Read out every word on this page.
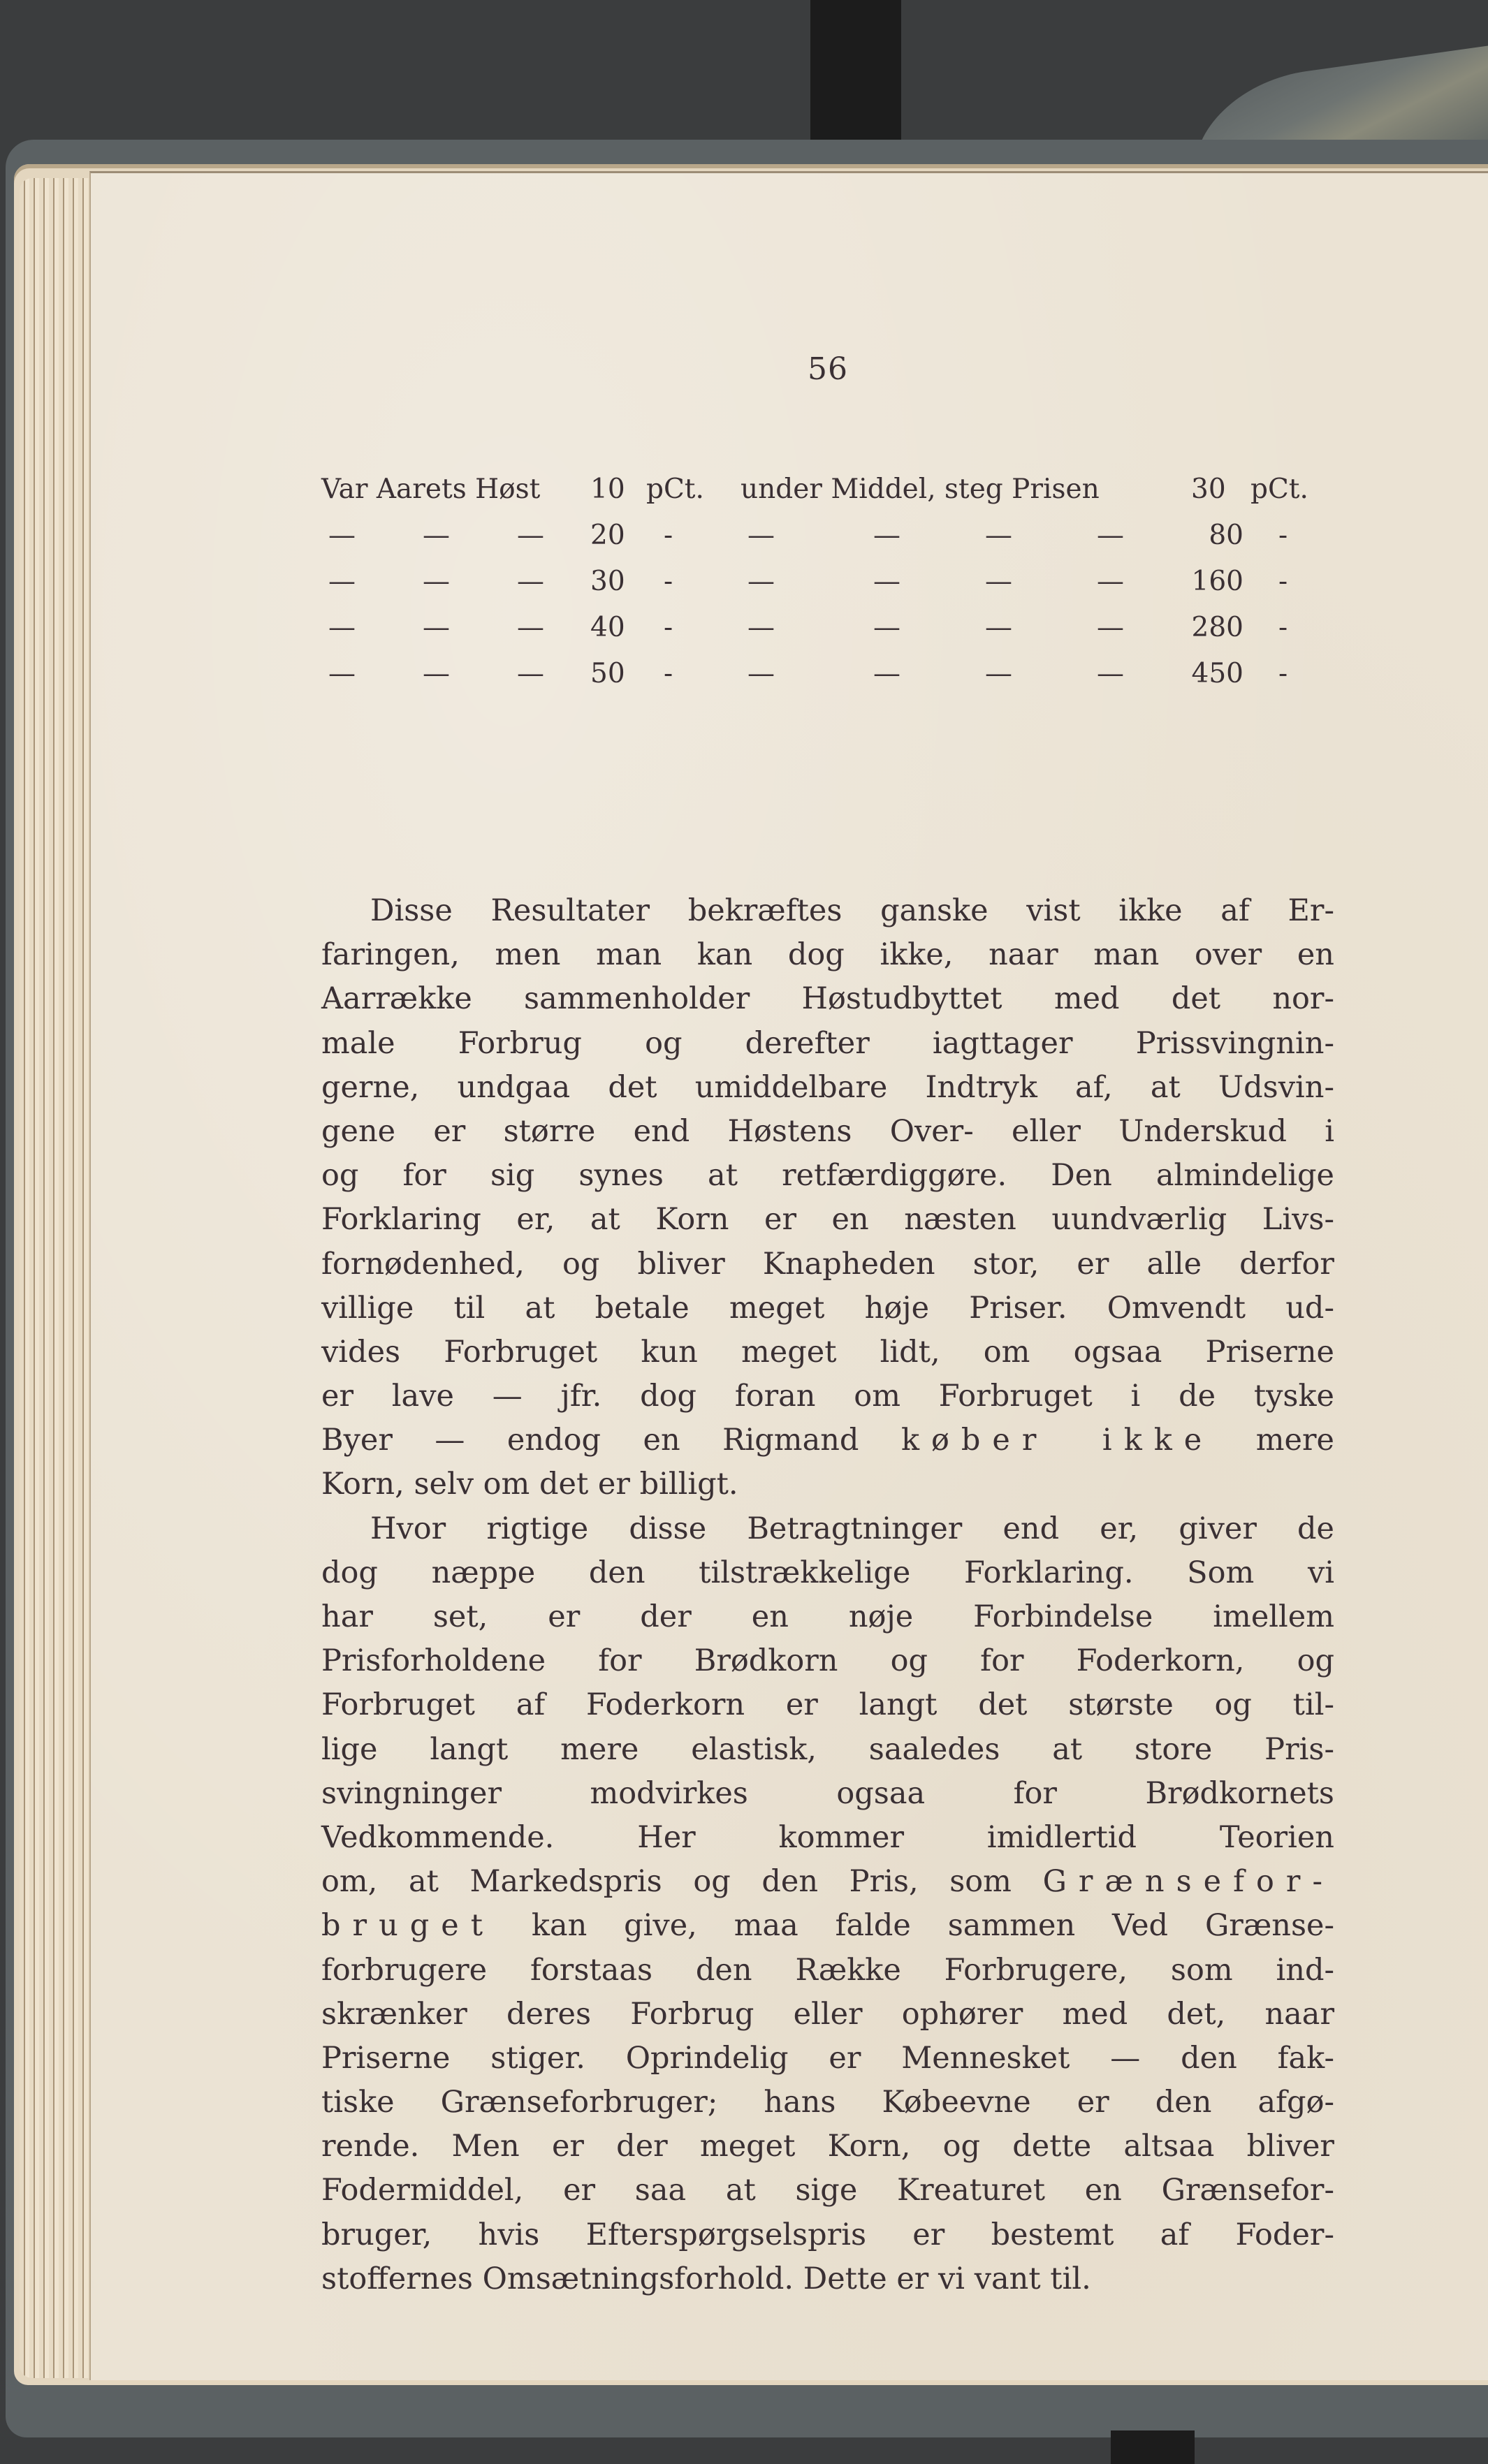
56
Var Aarets Høst 10 pCt. under Middel, steg Prisen	30 pCt.
— — — 20 -	—	—	—	—	80 -
— — — 30 -	—	—	—	—	160 -
— — — 40 -	—	—	—	—	280 -
— — — 50 -	—	—	—	—	450 -
Disse Resultater bekræftes ganske vist ikke af Er-
faringen, men man kan dog ikke, naar man over en
Aarrække sammenholder Høstudbyttet med det nor-
male Forbrug og derefter iagttager Prissvingnin-
gerne, undgaa det umiddelbare Indtryk af, at Udsvin-
gene er større end Høstens Over- eller Underskud i
og for sig synes at retfærdiggøre. Den almindelige
Forklaring er, at Korn er en næsten uundværlig Livs-
fornødenhed, og bliver Knapheden stor, er alle derfor
villige til at betale meget høje Priser. Omvendt ud-
vides Forbruget kun meget lidt, om ogsaa Priserne
er lave — jfr. dog foran om Forbruget i de tyske
Byer — endog en Rigmand køber ikke mere
Korn, selv om det er billigt.
Hvor rigtige disse Betragtninger end er, giver de
dog næppe den tilstrækkelige Forklaring. Som vi
har set, er der en nøje Forbindelse imellem
Prisforholdene for Brødkorn og for Foderkorn, og
Forbruget af Foderkorn er langt det største og til-
lige langt mere elastisk, saaledes at store Pris-
svingninger modvirkes ogsaa for Brødkornets
Vedkommende. Her kommer imidlertid Teorien
om, at Markedspris og den Pris, som Grænsefor-
bruget kan give, maa falde sammen Ved Grænse-
forbrugere forstaas den Række Forbrugere, som ind-
skrænker deres Forbrug eller ophører med det, naar
Priserne stiger. Oprindelig er Mennesket — den fak-
tiske Grænseforbruger; hans Købeevne er den afgø-
rende. Men er der meget Korn, og dette altsaa bliver
Fodermiddel, er saa at sige Kreaturet en Grænsefor-
bruger, hvis Efterspørgselspris er bestemt af Foder-
stoffernes Omsætningsforhold. Dette er vi vant til.
